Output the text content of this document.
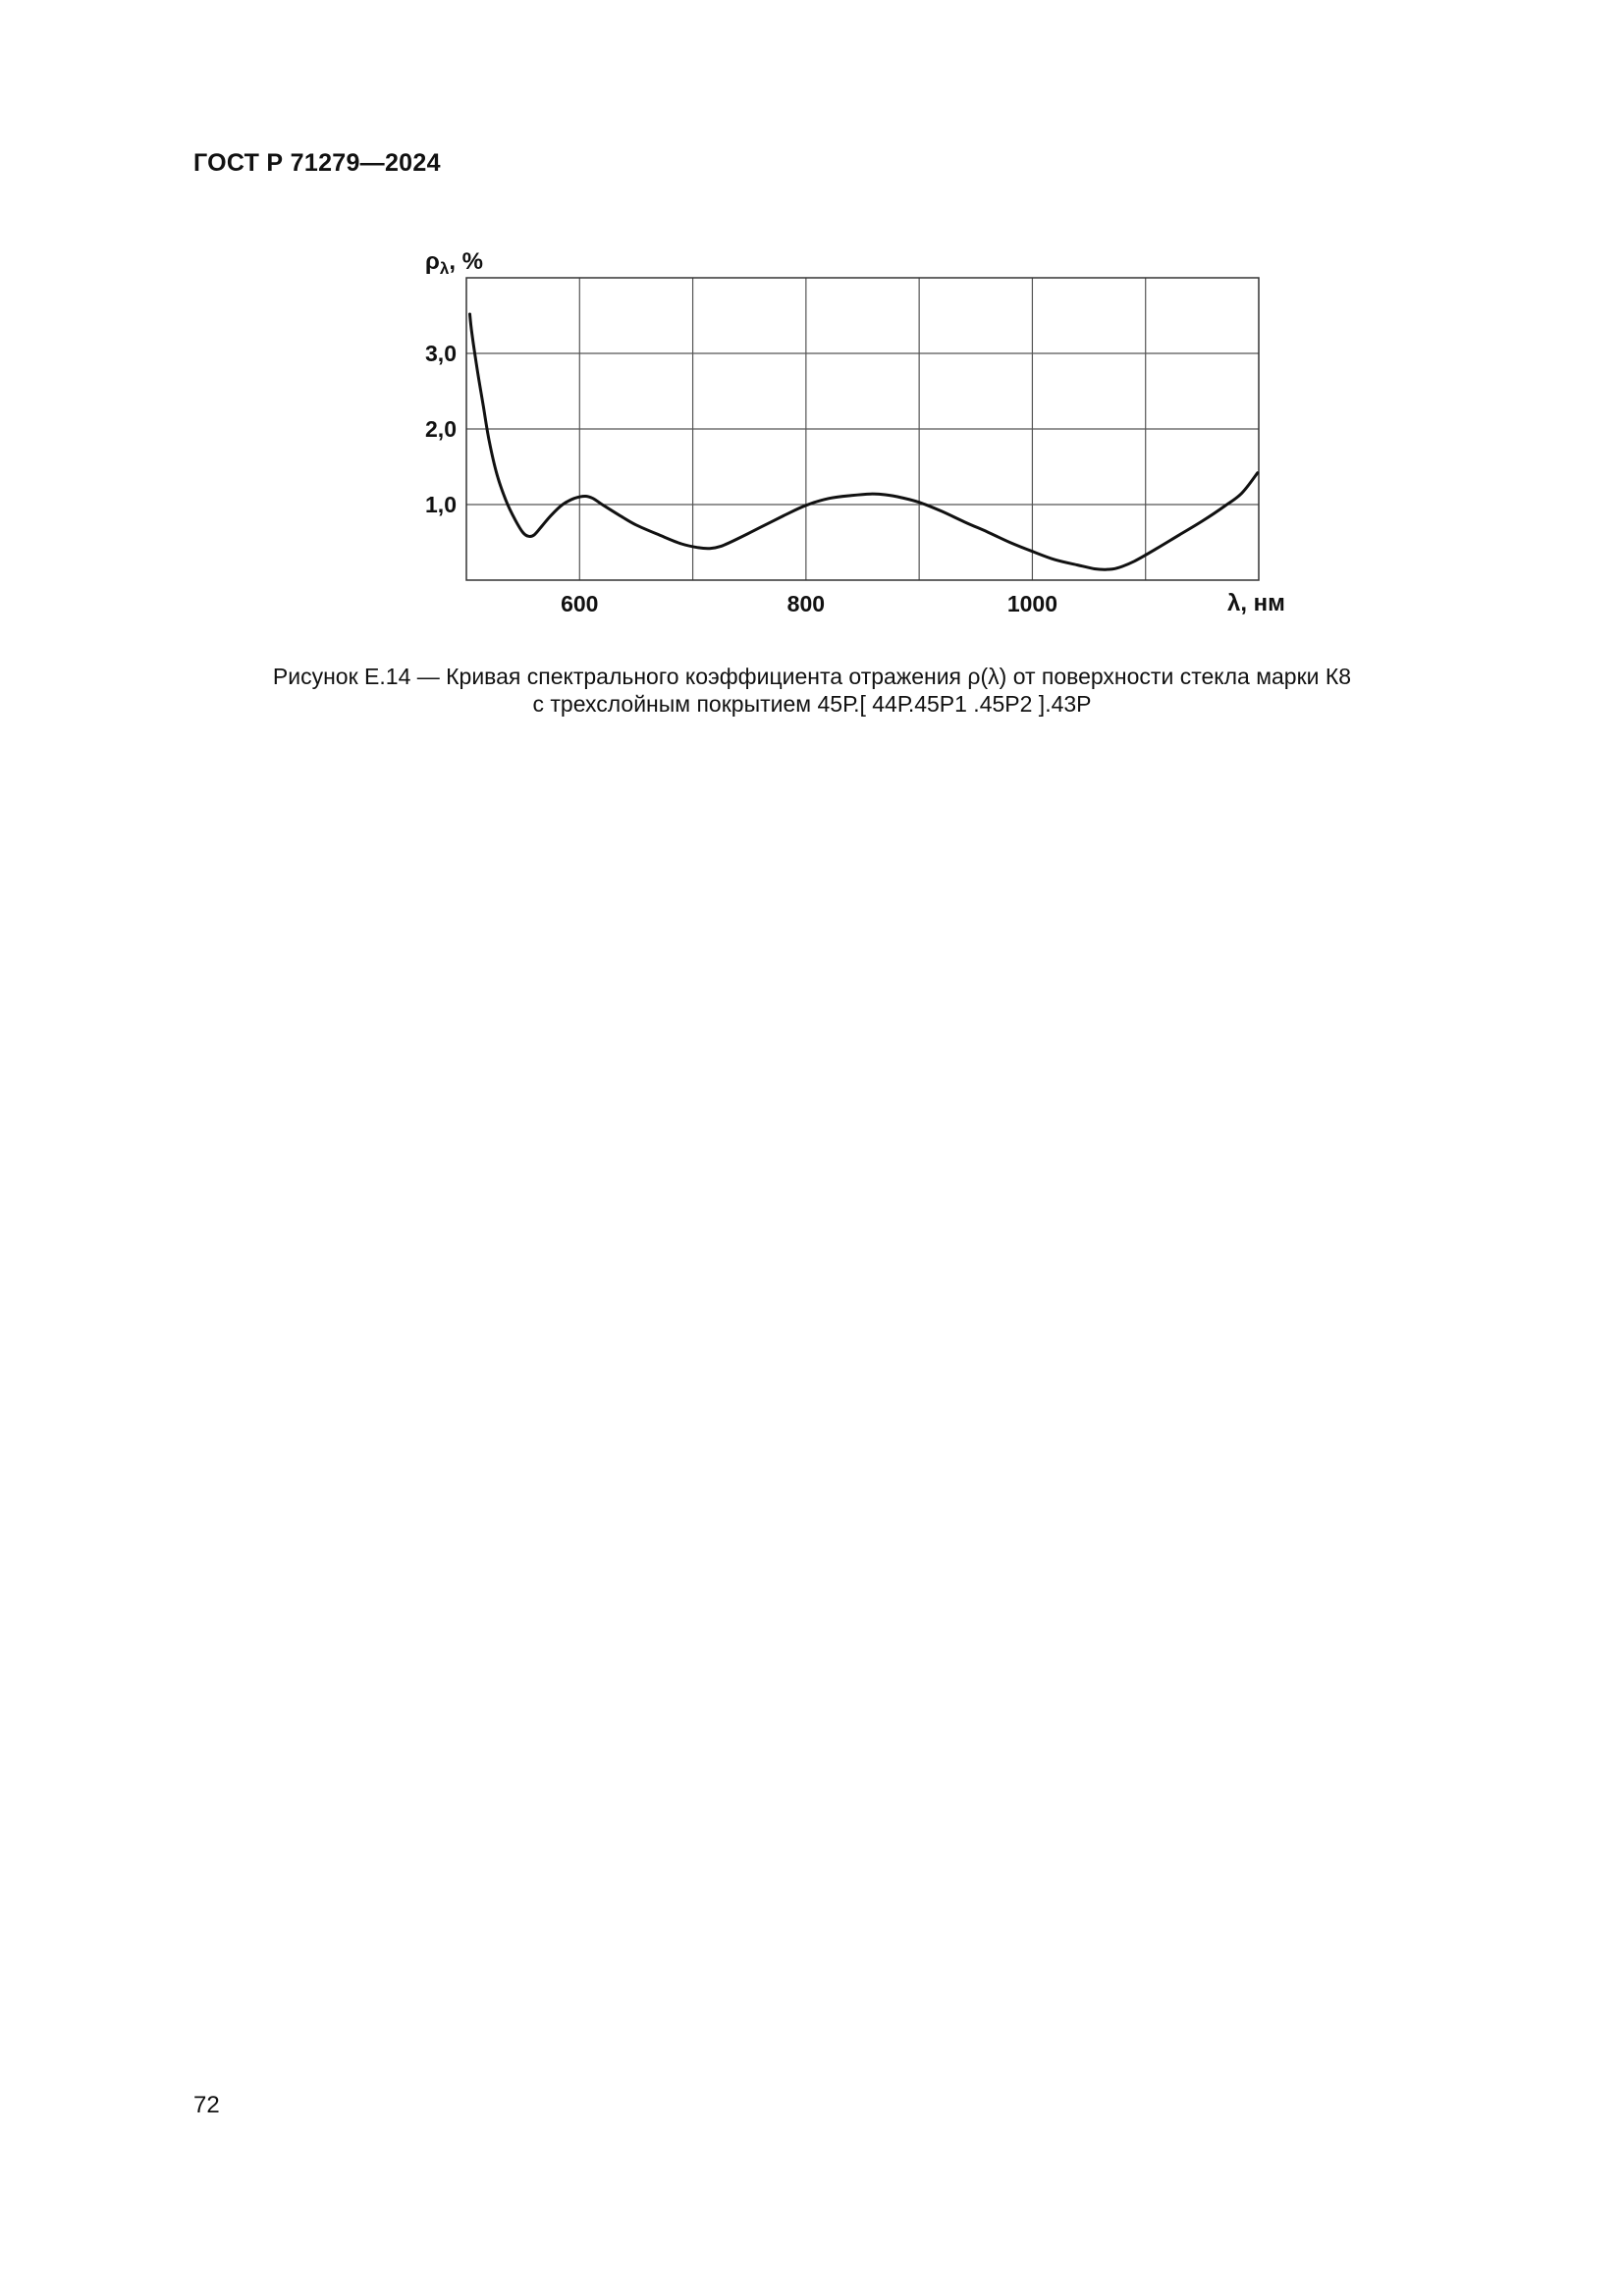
ГОСТ Р 71279—2024
600	800	1000
1,0
2,0
3,0
$\rho_\lambda$, %
λ, нм
Рисунок Е.14 — Кривая спектрального коэффициента отражения ρ(λ) от поверхности стекла марки К8
с трехслойным покрытием 45Р.[ 44Р.45Р1 .45Р2 ].43Р
72
